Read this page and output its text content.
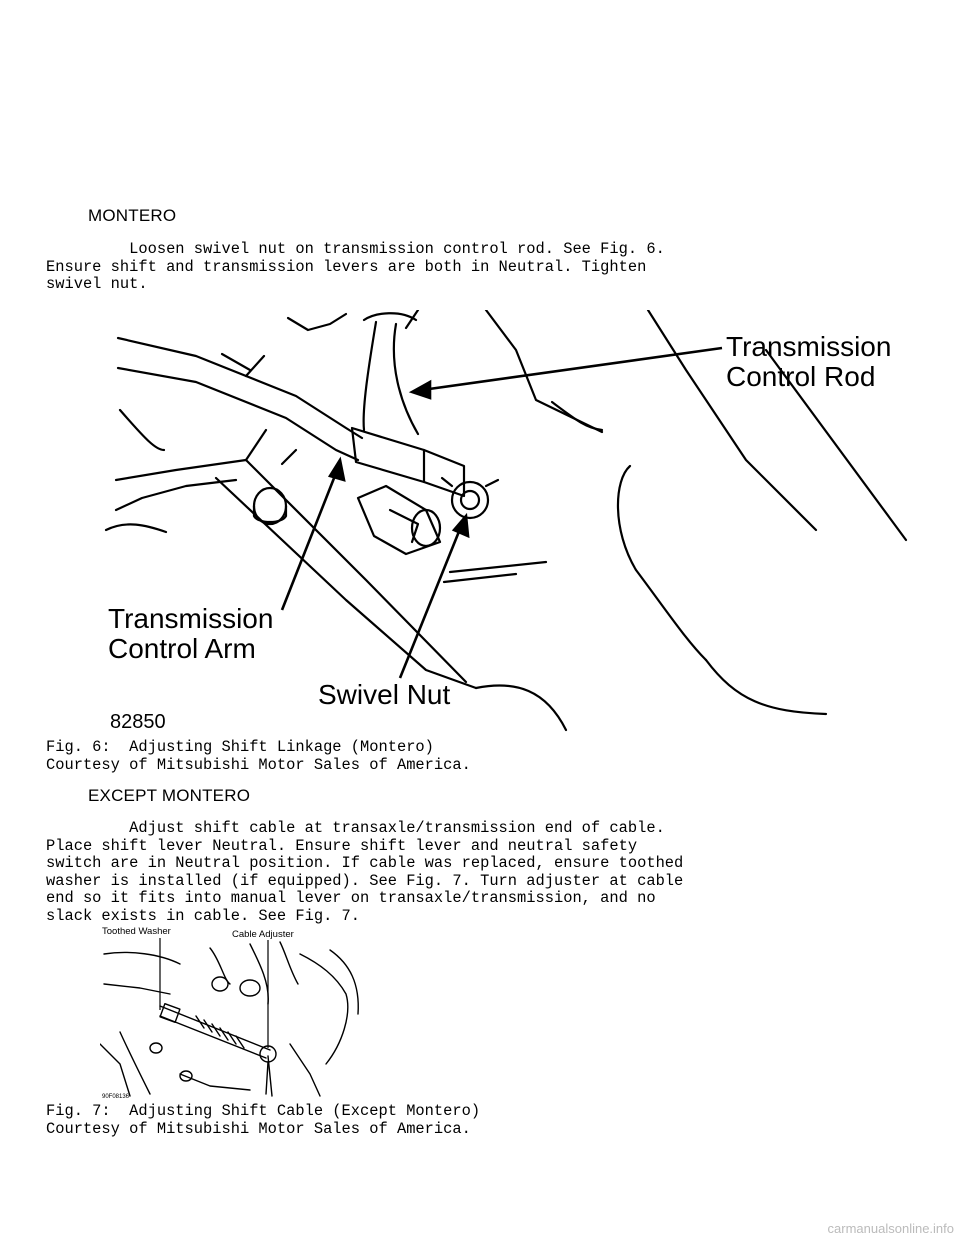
MONTERO
Loosen swivel nut on transmission control rod. See Fig. 6.
Ensure shift and transmission levers are both in Neutral. Tighten
swivel nut.
Transmission
Control Rod
Transmission
Control Arm
Swivel Nut
82850
Fig. 6:  Adjusting Shift Linkage (Montero)
Courtesy of Mitsubishi Motor Sales of America.
EXCEPT MONTERO
Adjust shift cable at transaxle/transmission end of cable.
Place shift lever Neutral. Ensure shift lever and neutral safety
switch are in Neutral position. If cable was replaced, ensure toothed
washer is installed (if equipped). See Fig. 7. Turn adjuster at cable
end so it fits into manual lever on transaxle/transmission, and no
slack exists in cable. See Fig. 7.
Toothed Washer	Cable Adjuster
90F08136
Fig. 7:  Adjusting Shift Cable (Except Montero)
Courtesy of Mitsubishi Motor Sales of America.
carmanualsonline.info
